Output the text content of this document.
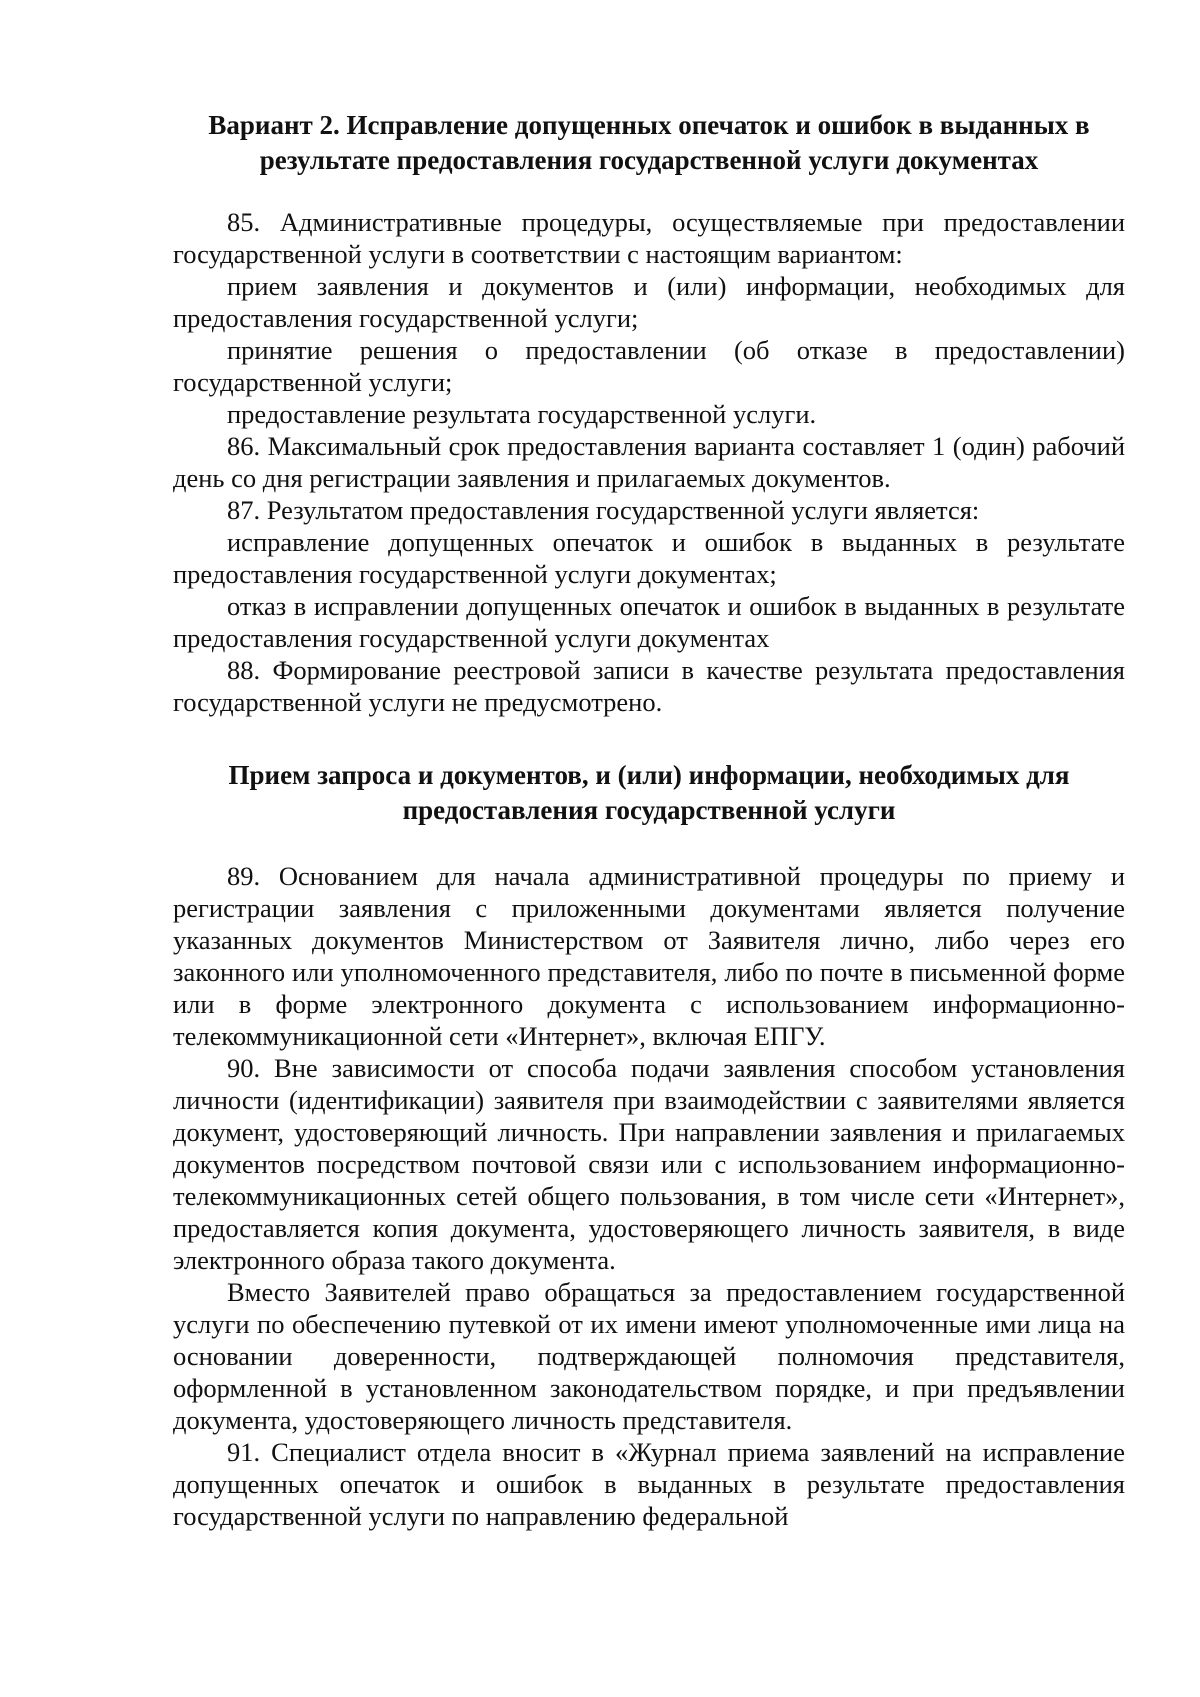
Вариант 2. Исправление допущенных опечаток и ошибок в выданных в результате предоставления государственной услуги документах

85. Административные процедуры, осуществляемые при предоставлении государственной услуги в соответствии с настоящим вариантом:

прием заявления и документов и (или) информации, необходимых для предоставления государственной услуги;

принятие решения о предоставлении (об отказе в предоставлении) государственной услуги;

предоставление результата государственной услуги.

86. Максимальный срок предоставления варианта составляет 1 (один) рабочий день со дня регистрации заявления и прилагаемых документов.

87. Результатом предоставления государственной услуги является:

исправление допущенных опечаток и ошибок в выданных в результате предоставления государственной услуги документах;

отказ в исправлении допущенных опечаток и ошибок в выданных в результате предоставления государственной услуги документах

88. Формирование реестровой записи в качестве результата предоставления государственной услуги не предусмотрено.

Прием запроса и документов, и (или) информации, необходимых для предоставления государственной услуги

89. Основанием для начала административной процедуры по приему и регистрации заявления с приложенными документами является получение указанных документов Министерством от Заявителя лично, либо через его законного или уполномоченного представителя, либо по почте в письменной форме или в форме электронного документа с использованием информационно-телекоммуникационной сети «Интернет», включая ЕПГУ.

90. Вне зависимости от способа подачи заявления способом установления личности (идентификации) заявителя при взаимодействии с заявителями является документ, удостоверяющий личность. При направлении заявления и прилагаемых документов посредством почтовой связи или с использованием информационно-телекоммуникационных сетей общего пользования, в том числе сети «Интернет», предоставляется копия документа, удостоверяющего личность заявителя, в виде электронного образа такого документа.

Вместо Заявителей право обращаться за предоставлением государственной услуги по обеспечению путевкой от их имени имеют уполномоченные ими лица на основании доверенности, подтверждающей полномочия представителя, оформленной в установленном законодательством порядке, и при предъявлении документа, удостоверяющего личность представителя.

91. Специалист отдела вносит в «Журнал приема заявлений на исправление допущенных опечаток и ошибок в выданных в результате предоставления государственной услуги по направлению федеральной
